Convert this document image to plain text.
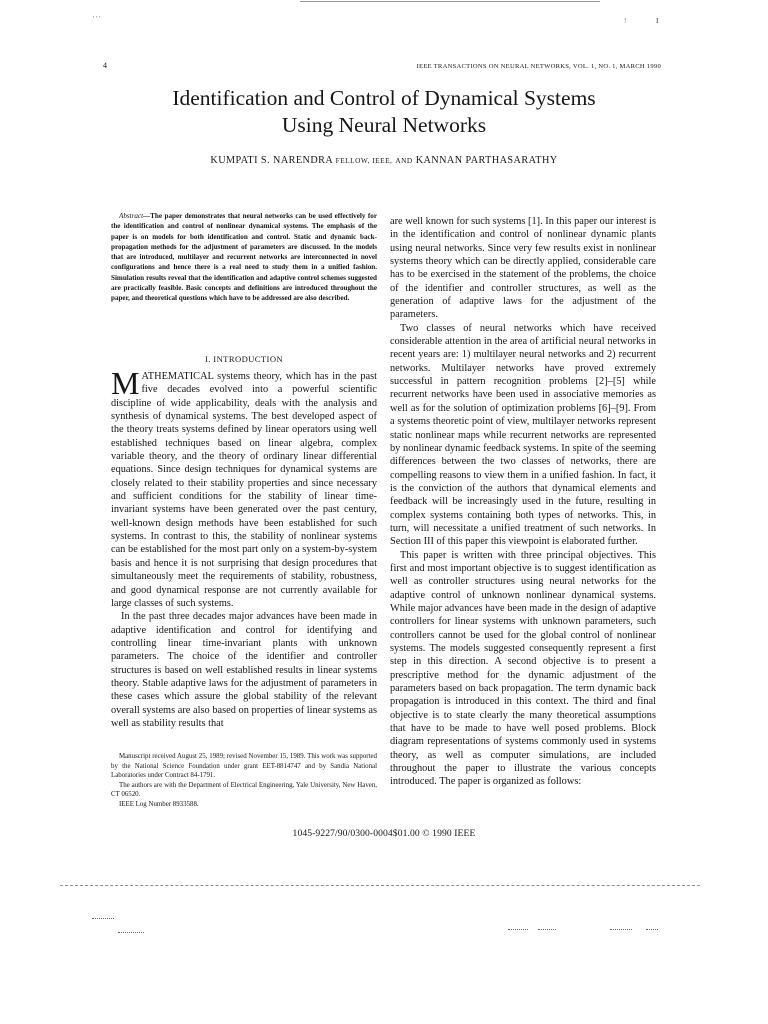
' ' '	!	I
4	IEEE TRANSACTIONS ON NEURAL NETWORKS, VOL. 1, NO. 1, MARCH 1990
Identification and Control of Dynamical Systems
Using Neural Networks
KUMPATI S. NARENDRA FELLOW, IEEE, AND KANNAN PARTHASARATHY

Abstract—The paper demonstrates that neural networks can be used effectively for the identification and control of nonlinear dynamical systems. The emphasis of the paper is on models for both identification and control. Static and dynamic back-propagation methods for the adjustment of parameters are discussed. In the models that are introduced, multilayer and recurrent networks are interconnected in novel configurations and hence there is a real need to study them in a unified fashion. Simulation results reveal that the identification and adaptive control schemes suggested are practically feasible. Basic concepts and definitions are introduced throughout the paper, and theoretical questions which have to be addressed are also described.

I. INTRODUCTION

MATHEMATICAL systems theory, which has in the past five decades evolved into a powerful scientific discipline of wide applicability, deals with the analysis and synthesis of dynamical systems. The best developed aspect of the theory treats systems defined by linear operators using well established techniques based on linear algebra, complex variable theory, and the theory of ordinary linear differential equations. Since design techniques for dynamical systems are closely related to their stability properties and since necessary and sufficient conditions for the stability of linear time-invariant systems have been generated over the past century, well-known design methods have been established for such systems. In contrast to this, the stability of nonlinear systems can be established for the most part only on a system-by-system basis and hence it is not surprising that design procedures that simultaneously meet the requirements of stability, robustness, and good dynamical response are not currently available for large classes of such systems.

In the past three decades major advances have been made in adaptive identification and control for identifying and controlling linear time-invariant plants with unknown parameters. The choice of the identifier and controller structures is based on well established results in linear systems theory. Stable adaptive laws for the adjustment of parameters in these cases which assure the global stability of the relevant overall systems are also based on properties of linear systems as well as stability results that

Manuscript received August 25, 1989; revised November 15, 1989. This work was supported by the National Science Foundation under grant EET-8814747 and by Sandia National Laboratories under Contract 84-1791.

The authors are with the Department of Electrical Engineering, Yale University, New Haven, CT 06520.

IEEE Log Number 8933588.

are well known for such systems [1]. In this paper our interest is in the identification and control of nonlinear dynamic plants using neural networks. Since very few results exist in nonlinear systems theory which can be directly applied, considerable care has to be exercised in the statement of the problems, the choice of the identifier and controller structures, as well as the generation of adaptive laws for the adjustment of the parameters.

Two classes of neural networks which have received considerable attention in the area of artificial neural networks in recent years are: 1) multilayer neural networks and 2) recurrent networks. Multilayer networks have proved extremely successful in pattern recognition problems [2]–[5] while recurrent networks have been used in associative memories as well as for the solution of optimization problems [6]–[9]. From a systems theoretic point of view, multilayer networks represent static nonlinear maps while recurrent networks are represented by nonlinear dynamic feedback systems. In spite of the seeming differences between the two classes of networks, there are compelling reasons to view them in a unified fashion. In fact, it is the conviction of the authors that dynamical elements and feedback will be increasingly used in the future, resulting in complex systems containing both types of networks. This, in turn, will necessitate a unified treatment of such networks. In Section III of this paper this viewpoint is elaborated further.

This paper is written with three principal objectives. This first and most important objective is to suggest identification as well as controller structures using neural networks for the adaptive control of unknown nonlinear dynamical systems. While major advances have been made in the design of adaptive controllers for linear systems with unknown parameters, such controllers cannot be used for the global control of nonlinear systems. The models suggested consequently represent a first step in this direction. A second objective is to present a prescriptive method for the dynamic adjustment of the parameters based on back propagation. The term dynamic back propagation is introduced in this context. The third and final objective is to state clearly the many theoretical assumptions that have to be made to have well posed problems. Block diagram representations of systems commonly used in systems theory, as well as computer simulations, are included throughout the paper to illustrate the various concepts introduced. The paper is organized as follows:

1045-9227/90/0300-0004$01.00 © 1990 IEEE
